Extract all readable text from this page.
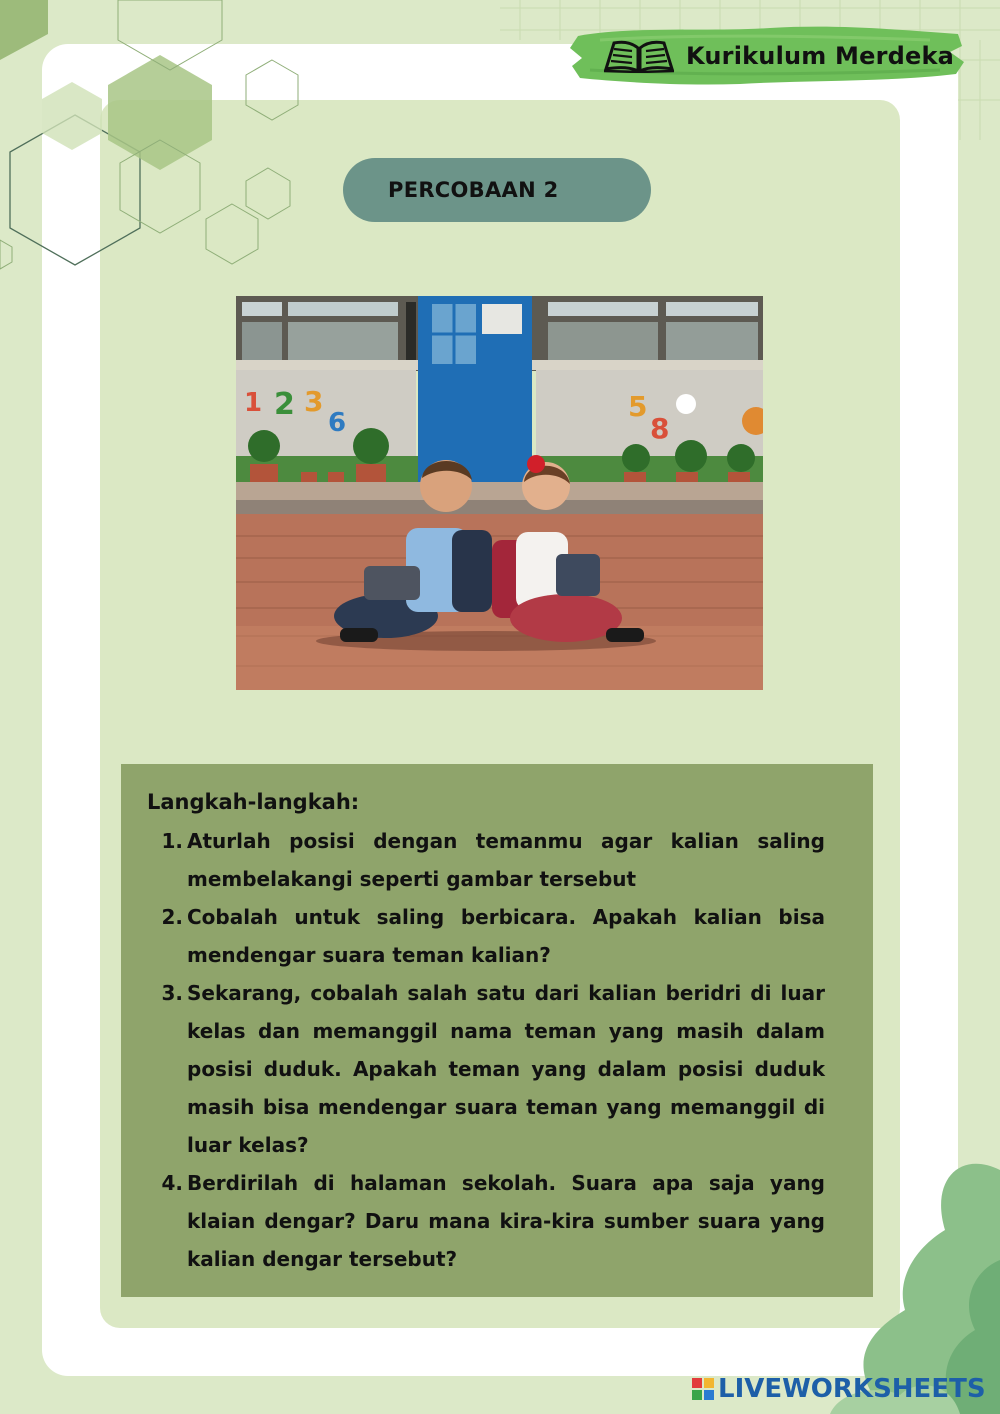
Kurikulum Merdeka
PERCOBAAN 2
1 2 3
6	5
8

Langkah-langkah:

1. Aturlah posisi dengan temanmu agar kalian saling membelakangi seperti gambar tersebut
2. Cobalah untuk saling berbicara. Apakah kalian bisa mendengar suara teman kalian?
3. Sekarang, cobalah salah satu dari kalian beridri di luar kelas dan memanggil nama teman yang masih dalam posisi duduk. Apakah teman yang dalam posisi duduk masih bisa mendengar suara teman yang memanggil di luar kelas?
4. Berdirilah di halaman sekolah. Suara apa saja yang klaian dengar? Daru mana kira-kira sumber suara yang kalian dengar tersebut?
LIVEWORKSHEETS
